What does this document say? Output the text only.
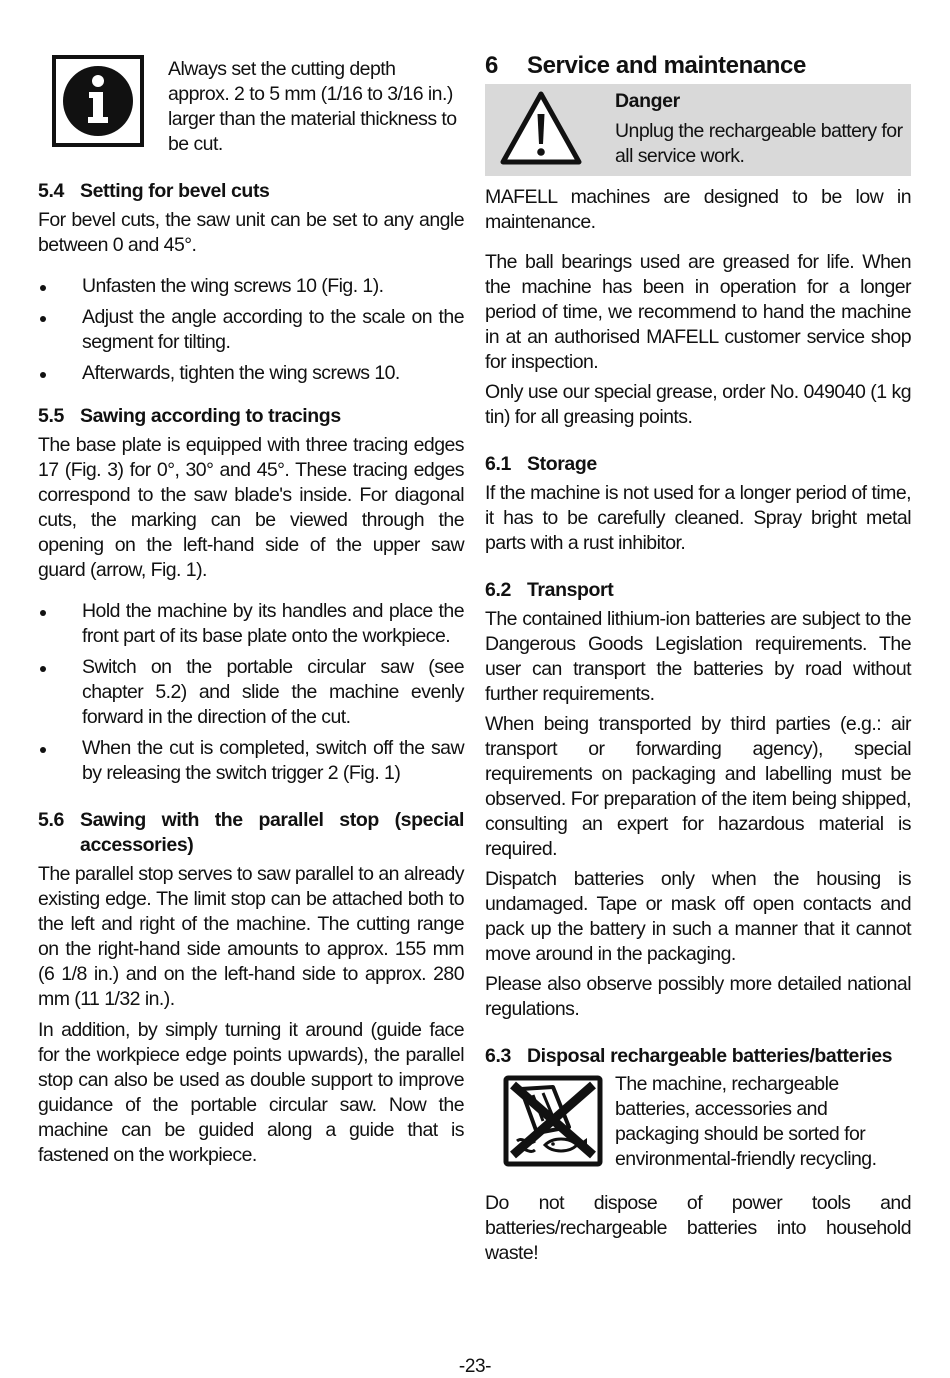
Always set the cutting depth approx. 2 to 5 mm (1/16 to 3/16 in.) larger than the material thickness to be cut.

5.4 Setting for bevel cuts

For bevel cuts, the saw unit can be set to any angle between 0 and 45°.

Unfasten the wing screws 10 (Fig. 1).

Adjust the angle according to the scale on the segment for tilting.

Afterwards, tighten the wing screws 10.

5.5 Sawing according to tracings

The base plate is equipped with three tracing edges 17 (Fig. 3) for 0°, 30° and 45°. These tracing edges correspond to the saw blade's inside. For diagonal cuts, the marking can be viewed through the opening on the left-hand side of the upper saw guard (arrow, Fig. 1).

Hold the machine by its handles and place the front part of its base plate onto the workpiece.

Switch on the portable circular saw (see chapter 5.2) and slide the machine evenly forward in the direction of the cut.

When the cut is completed, switch off the saw by releasing the switch trigger 2 (Fig. 1)

5.6 Sawing with the parallel stop (special
accessories)

The parallel stop serves to saw parallel to an already existing edge. The limit stop can be attached both to the left and right of the machine. The cutting range on the right-hand side amounts to approx. 155 mm (6 1/8 in.) and on the left-hand side to approx. 280 mm (11 1/32 in.).

In addition, by simply turning it around (guide face for the workpiece edge points upwards), the parallel stop can also be used as double support to improve guidance of the portable circular saw. Now the machine can be guided along a guide that is fastened on the workpiece.

6 Service and maintenance
Danger

Unplug the rechargeable battery for all service work.

MAFELL machines are designed to be low in maintenance.

The ball bearings used are greased for life. When the machine has been in operation for a longer period of time, we recommend to hand the machine in at an authorised MAFELL customer service shop for inspection.

Only use our special grease, order No. 049040 (1 kg tin) for all greasing points.

6.1 Storage

If the machine is not used for a longer period of time, it has to be carefully cleaned. Spray bright metal parts with a rust inhibitor.

6.2 Transport

The contained lithium-ion batteries are subject to the Dangerous Goods Legislation requirements. The user can transport the batteries by road without further requirements.

When being transported by third parties (e.g.: air transport or forwarding agency), special requirements on packaging and labelling must be observed. For preparation of the item being shipped, consulting an expert for hazardous material is required.

Dispatch batteries only when the housing is undamaged. Tape or mask off open contacts and pack up the battery in such a manner that it cannot move around in the packaging.

Please also observe possibly more detailed national regulations.

6.3 Disposal rechargeable batteries/batteries

The machine, rechargeable batteries, accessories and packaging should be sorted for environmental-friendly recycling.

Do not dispose of power tools and batteries/rechargeable batteries into household waste!

-23-
